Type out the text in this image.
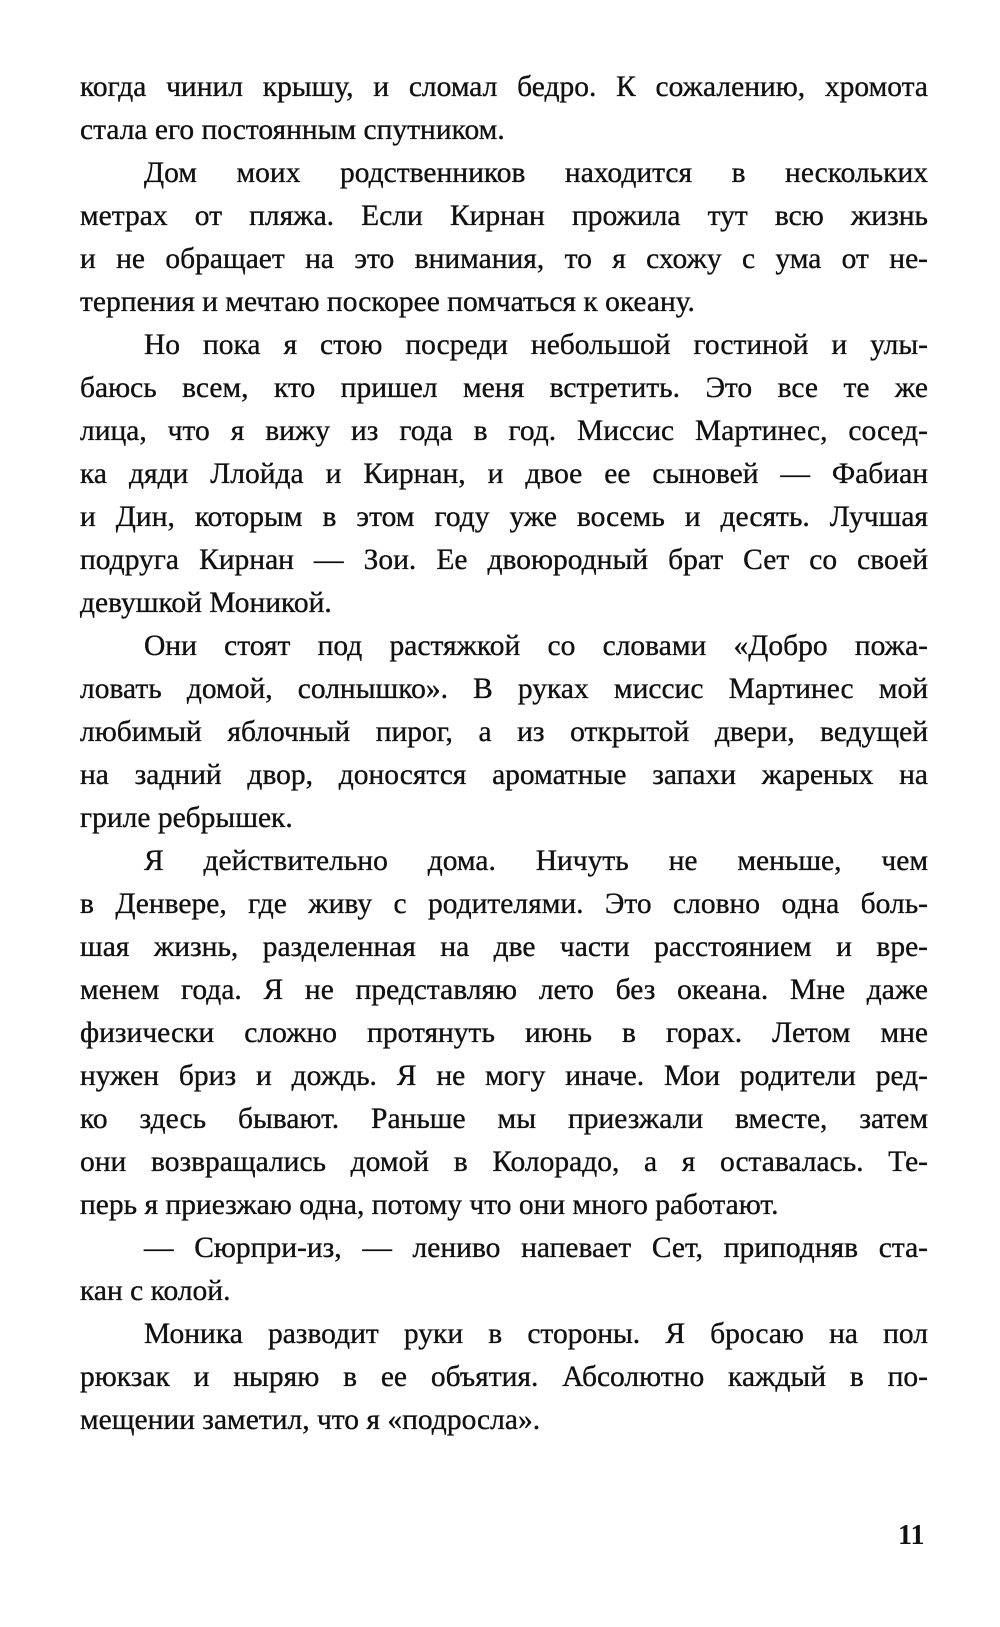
когда чинил крышу, и сломал бедро. К сожалению, хромота
стала его постоянным спутником.
Дом моих родственников находится в нескольких
метрах от пляжа. Если Кирнан прожила тут всю жизнь
и не обращает на это внимания, то я схожу с ума от не-
терпения и мечтаю поскорее помчаться к океану.
Но пока я стою посреди небольшой гостиной и улы-
баюсь всем, кто пришел меня встретить. Это все те же
лица, что я вижу из года в год. Миссис Мартинес, сосед-
ка дяди Ллойда и Кирнан, и двое ее сыновей — Фабиан
и Дин, которым в этом году уже восемь и десять. Лучшая
подруга Кирнан — Зои. Ее двоюродный брат Сет со своей
девушкой Моникой.
Они стоят под растяжкой со словами «Добро пожа-
ловать домой, солнышко». В руках миссис Мартинес мой
любимый яблочный пирог, а из открытой двери, ведущей
на задний двор, доносятся ароматные запахи жареных на
гриле ребрышек.
Я действительно дома. Ничуть не меньше, чем
в Денвере, где живу с родителями. Это словно одна боль-
шая жизнь, разделенная на две части расстоянием и вре-
менем года. Я не представляю лето без океана. Мне даже
физически сложно протянуть июнь в горах. Летом мне
нужен бриз и дождь. Я не могу иначе. Мои родители ред-
ко здесь бывают. Раньше мы приезжали вместе, затем
они возвращались домой в Колорадо, а я оставалась. Те-
перь я приезжаю одна, потому что они много работают.
— Сюрпри-из, — лениво напевает Сет, приподняв ста-
кан с колой.
Моника разводит руки в стороны. Я бросаю на пол
рюкзак и ныряю в ее объятия. Абсолютно каждый в по-
мещении заметил, что я «подросла».
11
